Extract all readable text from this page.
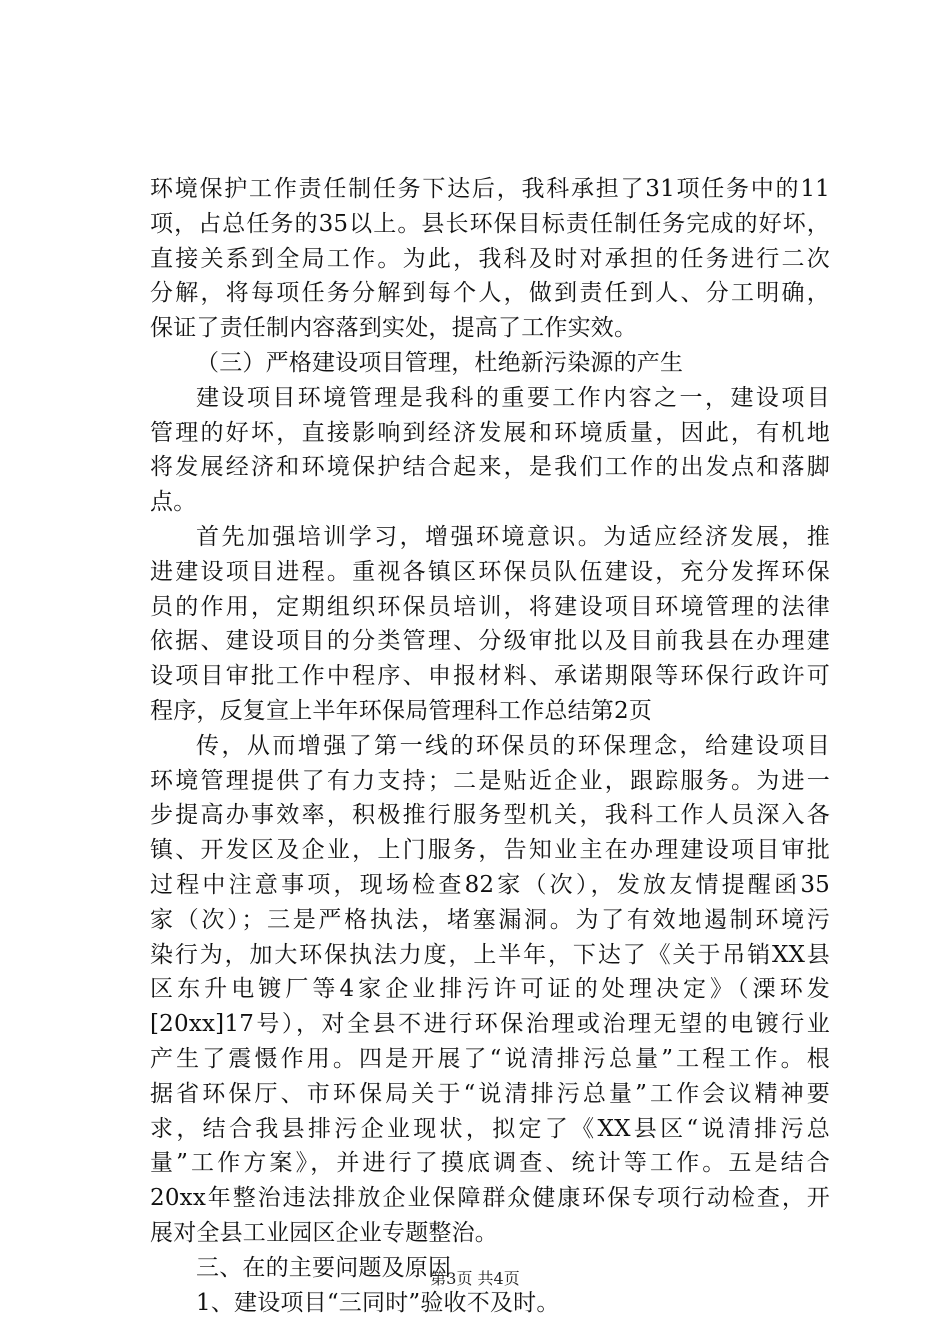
环境保护工作责任制任务下达后，我科承担了31项任务中的11
项，占总任务的35以上。县长环保目标责任制任务完成的好坏，
直接关系到全局工作。为此，我科及时对承担的任务进行二次
分解，将每项任务分解到每个人，做到责任到人、分工明确，
保证了责任制内容落到实处，提高了工作实效。
（三）严格建设项目管理，杜绝新污染源的产生
建设项目环境管理是我科的重要工作内容之一，建设项目
管理的好坏，直接影响到经济发展和环境质量，因此，有机地
将发展经济和环境保护结合起来，是我们工作的出发点和落脚
点。
首先加强培训学习，增强环境意识。为适应经济发展，推
进建设项目进程。重视各镇区环保员队伍建设，充分发挥环保
员的作用，定期组织环保员培训，将建设项目环境管理的法律
依据、建设项目的分类管理、分级审批以及目前我县在办理建
设项目审批工作中程序、申报材料、承诺期限等环保行政许可
程序，反复宣上半年环保局管理科工作总结第2页
传，从而增强了第一线的环保员的环保理念，给建设项目
环境管理提供了有力支持；二是贴近企业，跟踪服务。为进一
步提高办事效率，积极推行服务型机关，我科工作人员深入各
镇、开发区及企业，上门服务，告知业主在办理建设项目审批
过程中注意事项，现场检查82家（次），发放友情提醒函35
家（次）；三是严格执法，堵塞漏洞。为了有效地遏制环境污
染行为，加大环保执法力度，上半年，下达了《关于吊销XX县
区东升电镀厂等4家企业排污许可证的处理决定》（溧环发
[20xx]17号），对全县不进行环保治理或治理无望的电镀行业
产生了震慑作用。四是开展了“说清排污总量”工程工作。根
据省环保厅、市环保局关于“说清排污总量”工作会议精神要
求，结合我县排污企业现状，拟定了《XX县区“说清排污总
量”工作方案》，并进行了摸底调查、统计等工作。五是结合
20xx年整治违法排放企业保障群众健康环保专项行动检查，开
展对全县工业园区企业专题整治。
三、在的主要问题及原因
1、建设项目“三同时”验收不及时。
第3页 共4页
